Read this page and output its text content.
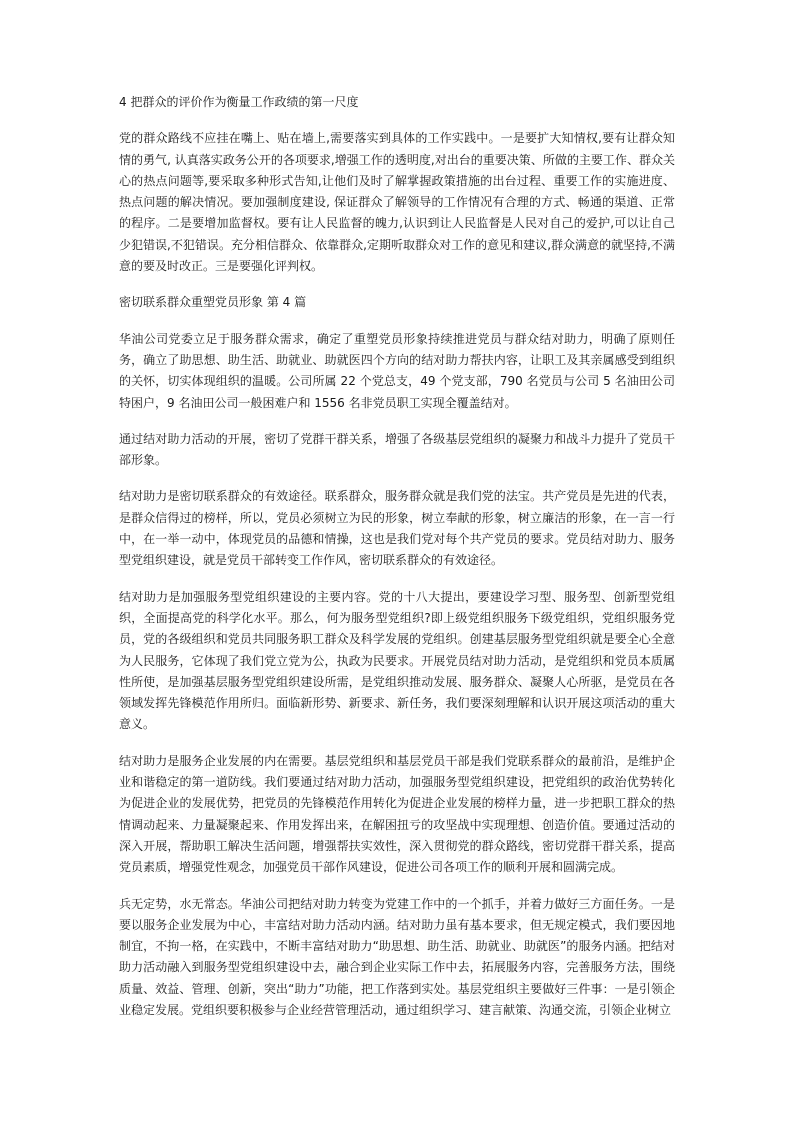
4 把群众的评价作为衡量工作政绩的第一尺度

党的群众路线不应挂在嘴上、贴在墙上,需要落实到具体的工作实践中。一是要扩大知情权,要有让群众知情的勇气, 认真落实政务公开的各项要求,增强工作的透明度,对出台的重要决策、所做的主要工作、群众关心的热点问题等,要采取多种形式告知,让他们及时了解掌握政策措施的出台过程、重要工作的实施进度、 热点问题的解决情况。要加强制度建设, 保证群众了解领导的工作情况有合理的方式、畅通的渠道、正常的程序。二是要增加监督权。要有让人民监督的魄力,认识到让人民监督是人民对自己的爱护,可以让自己少犯错误,不犯错误。充分相信群众、依靠群众,定期听取群众对工作的意见和建议,群众满意的就坚持,不满意的要及时改正。三是要强化评判权。

密切联系群众重塑党员形象 第 4 篇

华油公司党委立足于服务群众需求，确定了重塑党员形象持续推进党员与群众结对助力，明确了原则任务，确立了助思想、助生活、助就业、助就医四个方向的结对助力帮扶内容，让职工及其亲属感受到组织的关怀，切实体现组织的温暖。公司所属 22 个党总支，49 个党支部，790 名党员与公司 5 名油田公司特困户，9 名油田公司一般困难户和 1556 名非党员职工实现全覆盖结对。

通过结对助力活动的开展，密切了党群干群关系，增强了各级基层党组织的凝聚力和战斗力提升了党员干部形象。

结对助力是密切联系群众的有效途径。联系群众，服务群众就是我们党的法宝。共产党员是先进的代表，是群众信得过的榜样，所以，党员必须树立为民的形象，树立奉献的形象，树立廉洁的形象，在一言一行中，在一举一动中，体现党员的品德和情操，这也是我们党对每个共产党员的要求。党员结对助力、服务型党组织建设，就是党员干部转变工作作风，密切联系群众的有效途径。

结对助力是加强服务型党组织建设的主要内容。党的十八大提出，要建设学习型、服务型、创新型党组织，全面提高党的科学化水平。那么，何为服务型党组织?即上级党组织服务下级党组织，党组织服务党员，党的各级组织和党员共同服务职工群众及科学发展的党组织。创建基层服务型党组织就是要全心全意为人民服务，它体现了我们党立党为公，执政为民要求。开展党员结对助力活动，是党组织和党员本质属性所使，是加强基层服务型党组织建设所需，是党组织推动发展、服务群众、凝聚人心所驱，是党员在各领域发挥先锋模范作用所归。面临新形势、新要求、新任务，我们要深刻理解和认识开展这项活动的重大意义。

结对助力是服务企业发展的内在需要。基层党组织和基层党员干部是我们党联系群众的最前沿，是维护企业和谐稳定的第一道防线。我们要通过结对助力活动，加强服务型党组织建设，把党组织的政治优势转化为促进企业的发展优势，把党员的先锋模范作用转化为促进企业发展的榜样力量，进一步把职工群众的热情调动起来、力量凝聚起来、作用发挥出来，在解困扭亏的攻坚战中实现理想、创造价值。要通过活动的深入开展，帮助职工解决生活问题，增强帮扶实效性，深入贯彻党的群众路线，密切党群干群关系，提高党员素质，增强党性观念，加强党员干部作风建设，促进公司各项工作的顺利开展和圆满完成。

兵无定势，水无常态。华油公司把结对助力转变为党建工作中的一个抓手，并着力做好三方面任务。一是要以服务企业发展为中心，丰富结对助力活动内涵。结对助力虽有基本要求，但无规定模式，我们要因地制宜，不拘一格，在实践中，不断丰富结对助力“助思想、助生活、助就业、助就医”的服务内涵。把结对助力活动融入到服务型党组织建设中去，融合到企业实际工作中去，拓展服务内容，完善服务方法，围绕质量、效益、管理、创新，突出“助力”功能，把工作落到实处。基层党组织主要做好三件事：一是引领企业稳定发展。党组织要积极参与企业经营管理活动，通过组织学习、建言献策、沟通交流，引领企业树立
